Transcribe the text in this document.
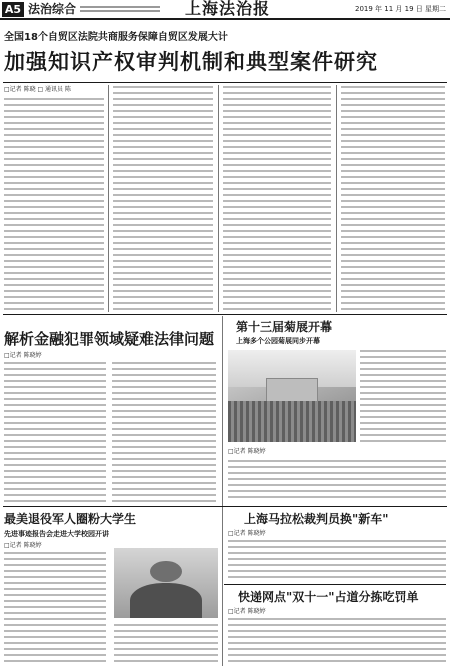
A5 法治综合	上海法治报	2019 年 11 月 19 日 星期二
全国18个自贸区法院共商服务保障自贸区发展大计
加强知识产权审判机制和典型案件研究
□记者 陈晓 □ 通讯员 陈
解析金融犯罪领域疑难法律问题
□记者 陈晓婷
第十三届菊展开幕
上海多个公园菊展同步开幕
□记者 陈晓婷
最美退役军人圈粉大学生
先进事迹报告会走进大学校园开讲
□记者 陈晓婷
上海马拉松裁判员换"新车"
□记者 陈晓婷
快递网点"双十一"占道分拣吃罚单
□记者 陈晓婷
